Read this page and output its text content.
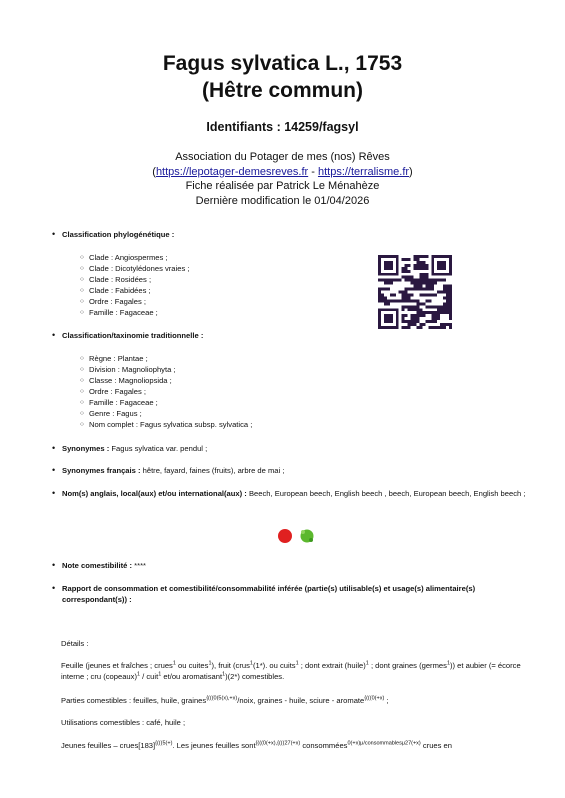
Fagus sylvatica L., 1753
(Hêtre commun)
Identifiants : 14259/fagsyl
Association du Potager de mes (nos) Rêves
(https://lepotager-demesreves.fr - https://terralisme.fr)
Fiche réalisée par Patrick Le Ménahèze
Dernière modification le 01/04/2026
• Classification phylogénétique :
○ Clade : Angiospermes ;
○ Clade : Dicotylédones vraies ;
○ Clade : Rosidées ;
○ Clade : Fabidées ;
○ Ordre : Fagales ;
○ Famille : Fagaceae ;
• Classification/taxinomie traditionnelle :
○ Règne : Plantae ;
○ Division : Magnoliophyta ;
○ Classe : Magnoliopsida ;
○ Ordre : Fagales ;
○ Famille : Fagaceae ;
○ Genre : Fagus ;
○ Nom complet : Fagus sylvatica subsp. sylvatica ;
• Synonymes : Fagus sylvatica var. pendul ;
• Synonymes français : hêtre, fayard, faines (fruits), arbre de mai ;
• Nom(s) anglais, local(aux) et/ou international(aux) : Beech, European beech, English beech , beech, European beech, English beech ;
• Note comestibilité : ****
• Rapport de consommation et comestibilité/consommabilité inférée (partie(s) utilisable(s) et usage(s) alimentaire(s) correspondant(s)) :
Détails :
Feuille (jeunes et fraîches ; crues$^1$ ou cuites$^1$), fruit (crus$^1$(1*). ou cuits$^1$ ; dont extrait (huile)$^1$ ; dont graines (germes$^1$)) et aubier (= écorce interne ; cru (copeaux)$^1$ / cuit$^1$ et/ou aromatisant$^1$)(2*) comestibles.
Parties comestibles : feuilles, huile, graines$^{\{(((0(5(x),+x)}$/noix, graines - huile, sciure - aromate$^{\{(((0(+x)}$ ;
Utilisations comestibles : café, huile ;
Jeunes feuilles – $crues[183]^{\{(((5(+)}$. Les jeunes feuilles sont$^{\{(((0(+x),\{(((27(+x)}$ consommées$^{0(+x)\mu/consommables\mu 27(+x)}$ crues en
